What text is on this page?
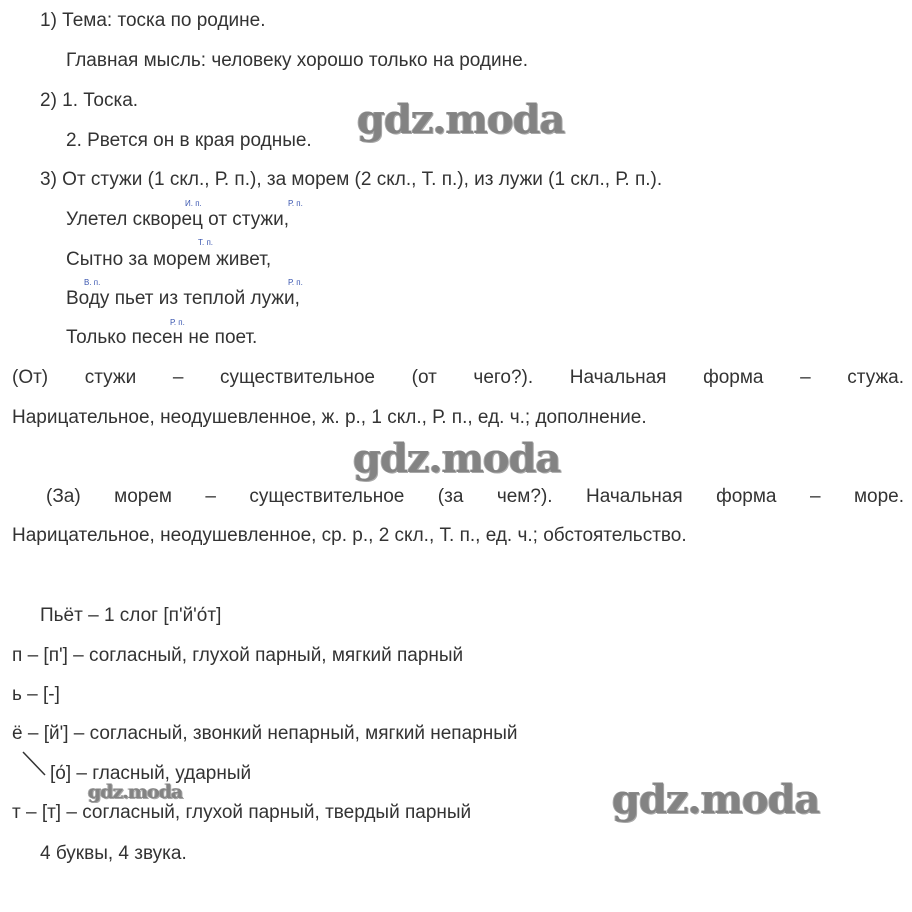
1) Тема: тоска по родине.
Главная мысль: человеку хорошо только на родине.
2) 1. Тоска.
2. Рвется он в края родные.
3) От стужи (1 скл., Р. п.), за морем (2 скл., Т. п.), из лужи (1 скл., Р. п.).
И. п.	Р. п.
Улетел скворец от стужи,
Т. п.
Сытно за морем живет,
В. п.	Р. п.
Воду пьет из теплой лужи,
Р. п.
Только песен не поет.
(От) стужи – существительное (от чего?). Начальная форма – стужа.
Нарицательное, неодушевленное, ж. р., 1 скл., Р. п., ед. ч.; дополнение.
(За) морем – существительное (за чем?). Начальная форма – море.
Нарицательное, неодушевленное, ср. р., 2 скл., Т. п., ед. ч.; обстоятельство.
Пьёт – 1 слог [п'й'о́т]
п – [п'] – согласный, глухой парный, мягкий парный
ь – [-]
ё – [й'] – согласный, звонкий непарный, мягкий непарный
[о́] – гласный, ударный
т – [т] – согласный, глухой парный, твердый парный
4 буквы, 4 звука.
gdz.moda
gdz.moda
gdz.moda
gdz.moda
